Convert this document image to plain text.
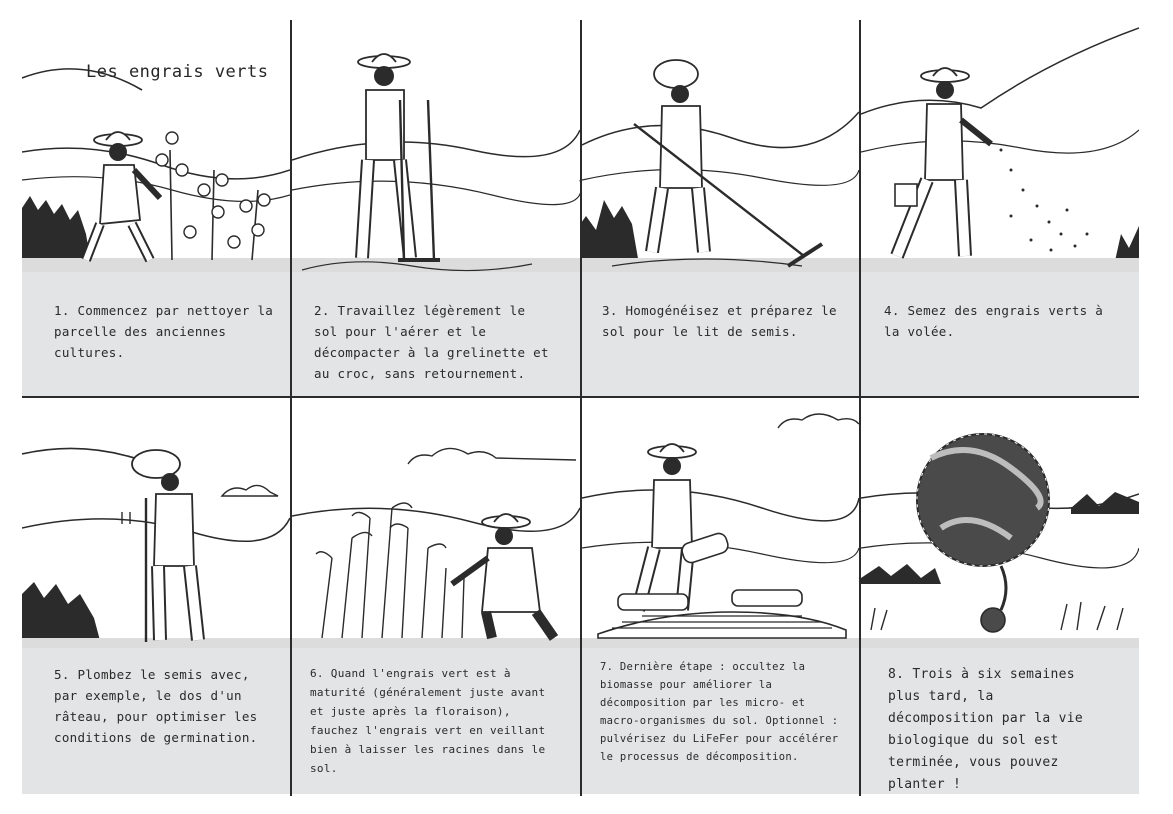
Les engrais verts
1. Commencez par nettoyer la parcelle des anciennes cultures.
2. Travaillez légèrement le sol pour l'aérer et le décompacter à la grelinette et au croc, sans retournement.
3. Homogénéisez et préparez le sol pour le lit de semis.
4. Semez des engrais verts à la volée.
5. Plombez le semis avec, par exemple, le dos d'un râteau, pour optimiser les conditions de germination.
6. Quand l'engrais vert est à maturité (généralement juste avant et juste après la floraison), fauchez l'engrais vert en veillant bien à laisser les racines dans le sol.
7. Dernière étape : occultez la biomasse pour améliorer la décomposition par les micro- et macro-organismes du sol. Optionnel : pulvérisez du LiFeFer pour accélérer le processus de décomposition.
8. Trois à six semaines plus tard, la décomposition par la vie biologique du sol est terminée, vous pouvez planter !
